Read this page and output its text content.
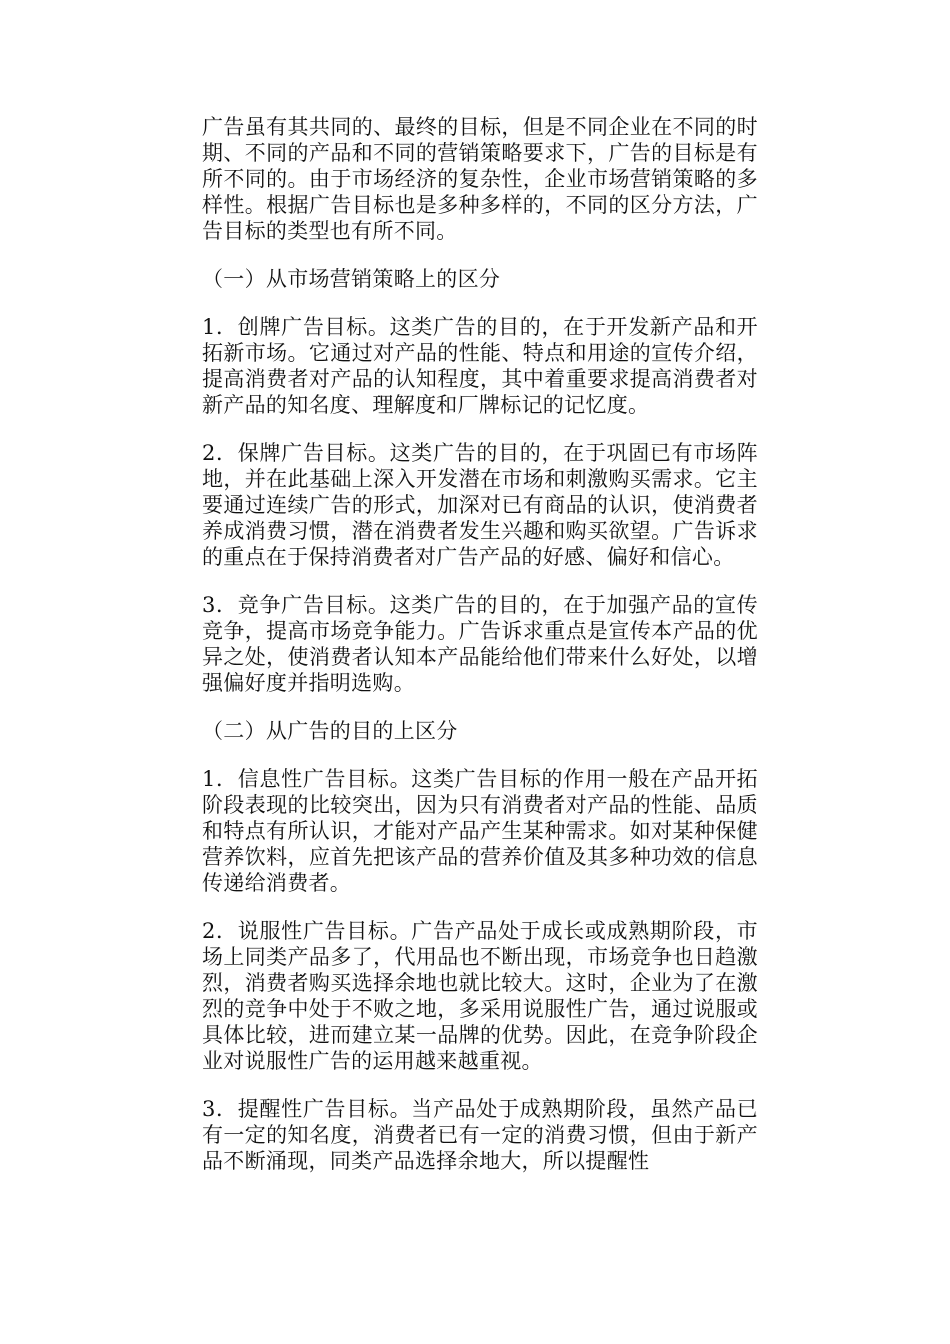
广告虽有其共同的、最终的目标，但是不同企业在不同的时期、不同的产品和不同的营销策略要求下，广告的目标是有所不同的。由于市场经济的复杂性，企业市场营销策略的多样性。根据广告目标也是多种多样的，不同的区分方法，广告目标的类型也有所不同。

（一）从市场营销策略上的区分

1．创牌广告目标。这类广告的目的，在于开发新产品和开拓新市场。它通过对产品的性能、特点和用途的宣传介绍，提高消费者对产品的认知程度，其中着重要求提高消费者对新产品的知名度、理解度和厂牌标记的记忆度。

2．保牌广告目标。这类广告的目的，在于巩固已有市场阵地，并在此基础上深入开发潜在市场和刺激购买需求。它主要通过连续广告的形式，加深对已有商品的认识，使消费者养成消费习惯，潜在消费者发生兴趣和购买欲望。广告诉求的重点在于保持消费者对广告产品的好感、偏好和信心。

3．竞争广告目标。这类广告的目的，在于加强产品的宣传竞争，提高市场竞争能力。广告诉求重点是宣传本产品的优异之处，使消费者认知本产品能给他们带来什么好处，以增强偏好度并指明选购。

（二）从广告的目的上区分

1．信息性广告目标。这类广告目标的作用一般在产品开拓阶段表现的比较突出，因为只有消费者对产品的性能、品质和特点有所认识，才能对产品产生某种需求。如对某种保健营养饮料，应首先把该产品的营养价值及其多种功效的信息传递给消费者。

2．说服性广告目标。广告产品处于成长或成熟期阶段，市场上同类产品多了，代用品也不断出现，市场竞争也日趋激烈，消费者购买选择余地也就比较大。这时，企业为了在激烈的竞争中处于不败之地，多采用说服性广告，通过说服或具体比较，进而建立某一品牌的优势。因此，在竞争阶段企业对说服性广告的运用越来越重视。

3．提醒性广告目标。当产品处于成熟期阶段，虽然产品已有一定的知名度，消费者已有一定的消费习惯，但由于新产品不断涌现，同类产品选择余地大，所以提醒性
